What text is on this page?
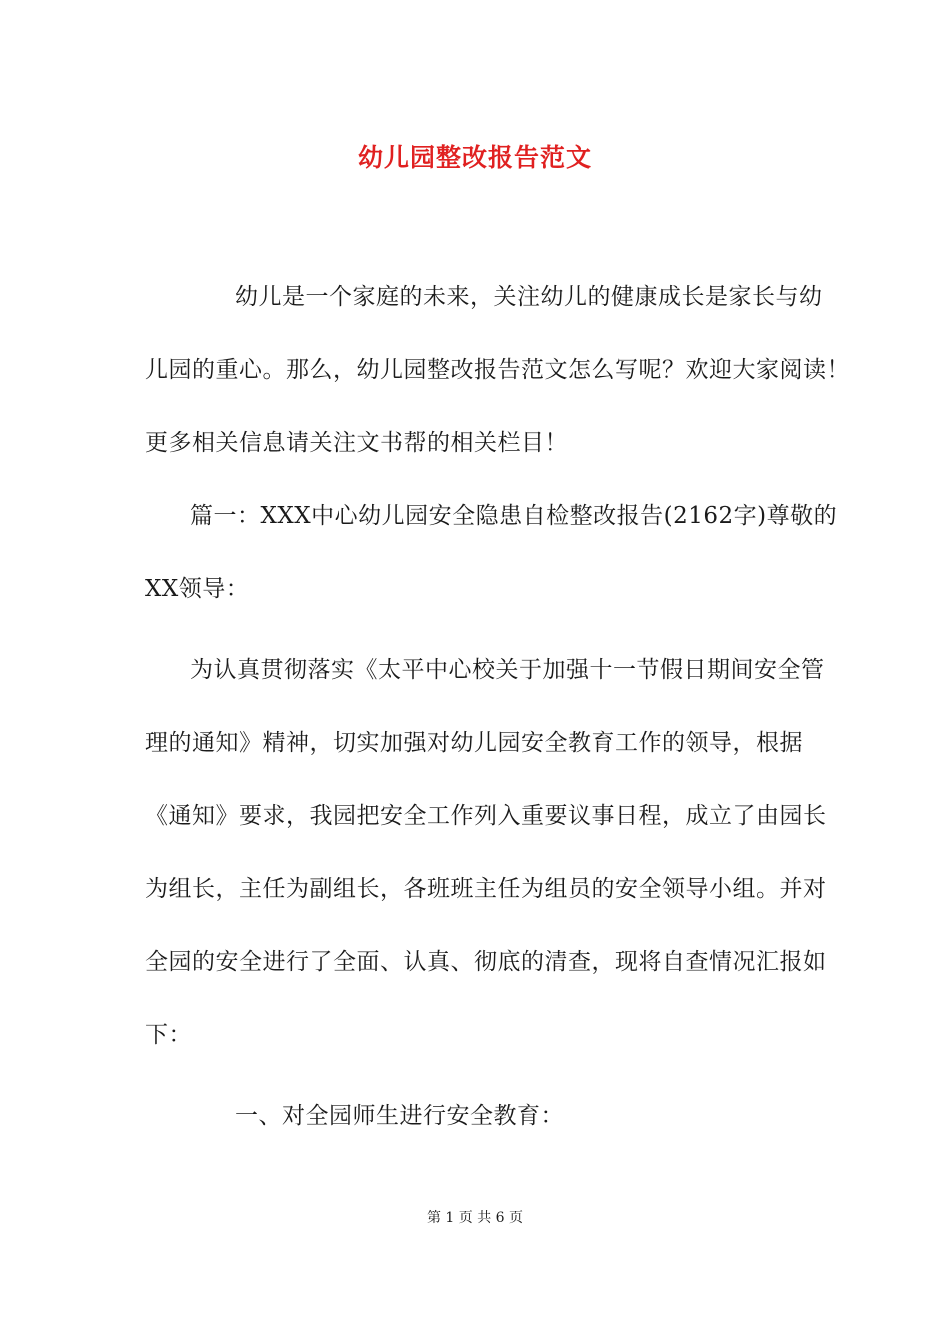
幼儿园整改报告范文
幼儿是一个家庭的未来，关注幼儿的健康成长是家长与幼
儿园的重心。那么，幼儿园整改报告范文怎么写呢？欢迎大家阅读！
更多相关信息请关注文书帮的相关栏目！
篇一：XXX中心幼儿园安全隐患自检整改报告(2162字)尊敬的
XX领导：
为认真贯彻落实《太平中心校关于加强十一节假日期间安全管
理的通知》精神，切实加强对幼儿园安全教育工作的领导，根据
《通知》要求，我园把安全工作列入重要议事日程，成立了由园长
为组长，主任为副组长，各班班主任为组员的安全领导小组。并对
全园的安全进行了全面、认真、彻底的清查，现将自查情况汇报如
下：
一、对全园师生进行安全教育：
第 1 页 共 6 页
